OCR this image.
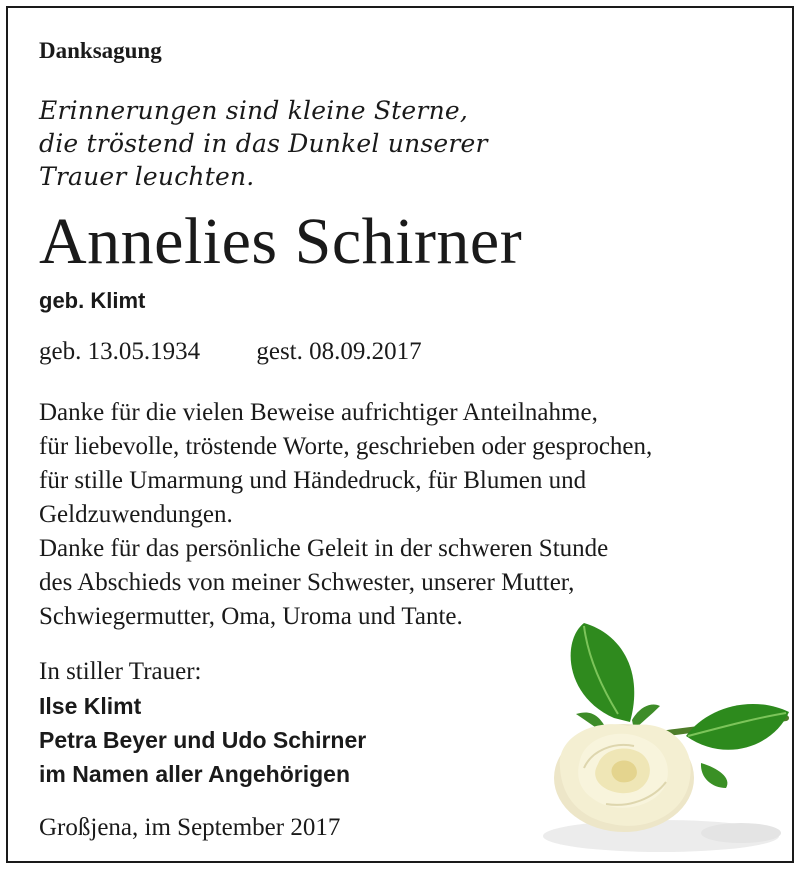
Danksagung

Erinnerungen sind kleine Sterne,
die tröstend in das Dunkel unserer
Trauer leuchten.

Annelies Schirner

geb. Klimt

geb. 13.05.1934 gest. 08.09.2017
Danke für die vielen Beweise aufrichtiger Anteilnahme,
für liebevolle, tröstende Worte, geschrieben oder gesprochen,
für stille Umarmung und Händedruck, für Blumen und
Geldzuwendungen.
Danke für das persönliche Geleit in der schweren Stunde
des Abschieds von meiner Schwester, unserer Mutter,
Schwiegermutter, Oma, Uroma und Tante.
In stiller Trauer:
Ilse Klimt
Petra Beyer und Udo Schirner
im Namen aller Angehörigen

Großjena, im September 2017
